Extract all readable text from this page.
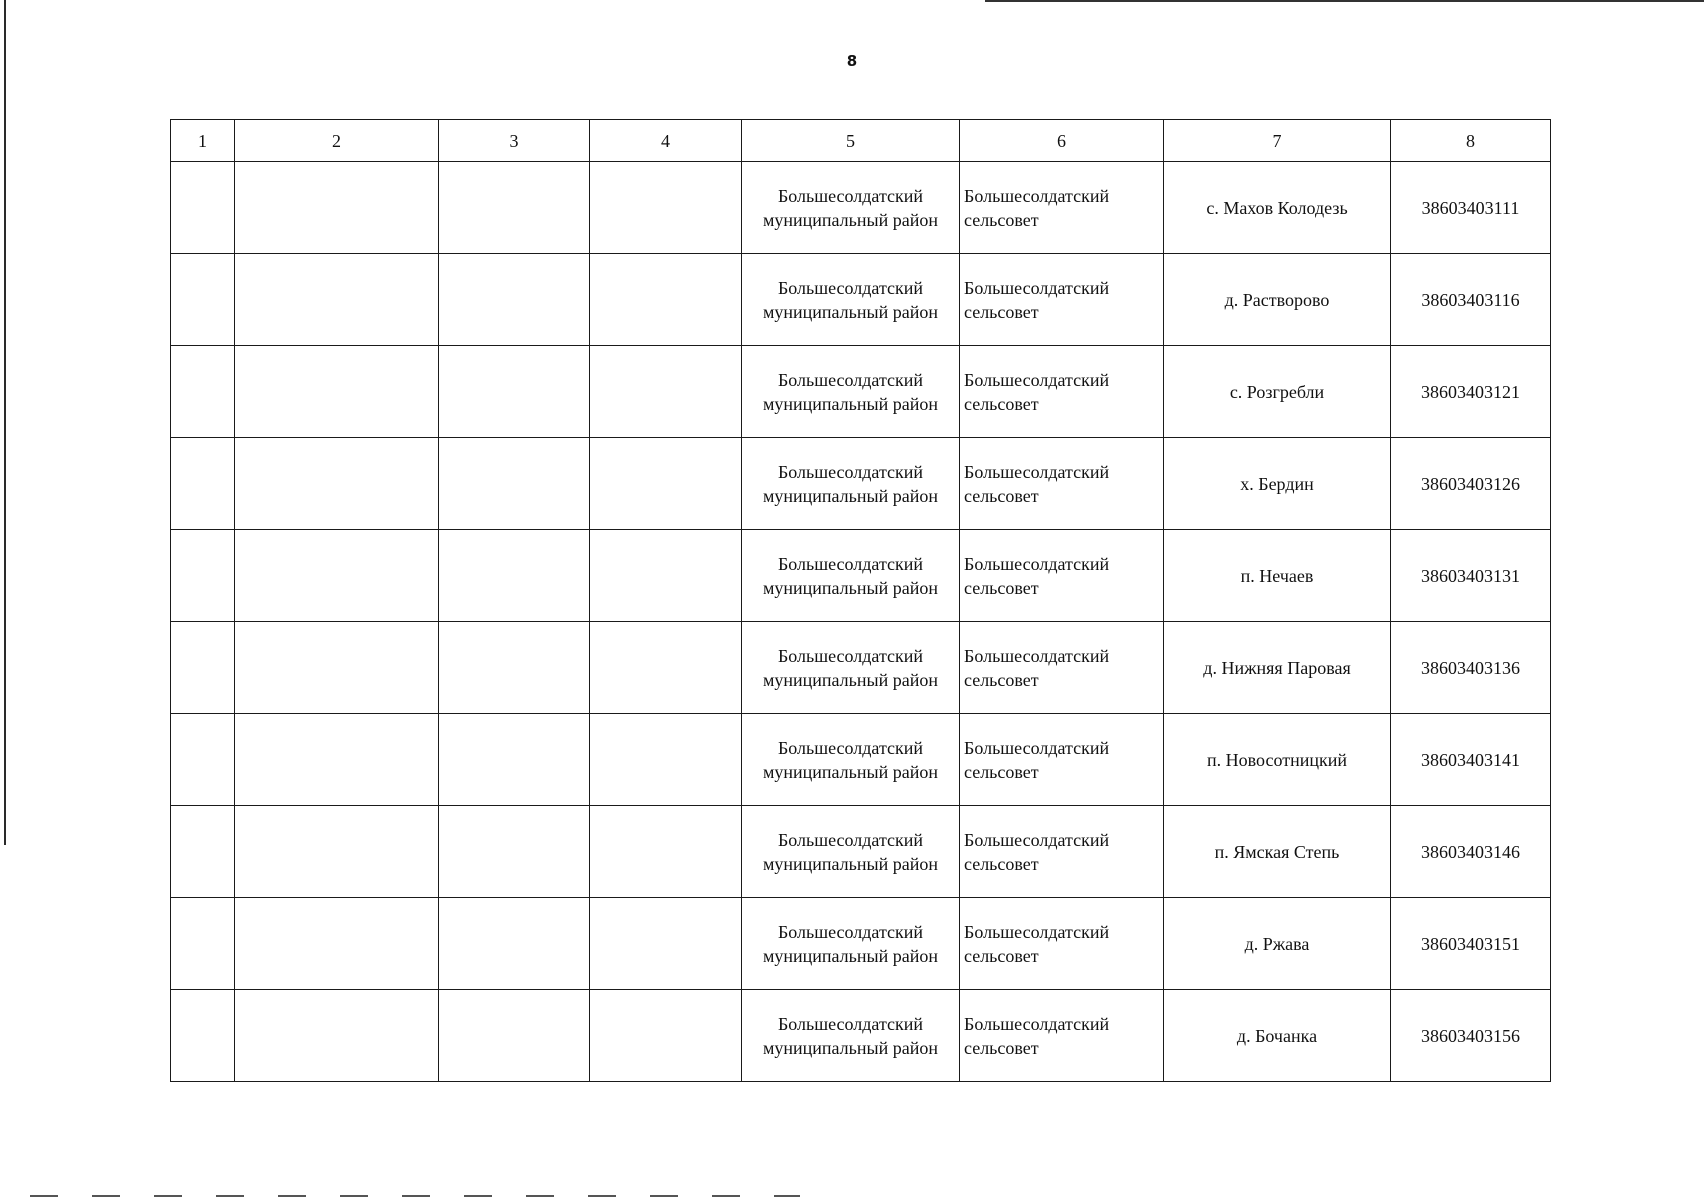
8
1	2	3	4	5	6	7	8

				Большесолдатский
муниципальный район	Большесолдатский
сельсовет	с. Махов Колодезь	38603403111

				Большесолдатский
муниципальный район	Большесолдатский
сельсовет	д. Растворово	38603403116

				Большесолдатский
муниципальный район	Большесолдатский
сельсовет	с. Розгребли	38603403121

				Большесолдатский
муниципальный район	Большесолдатский
сельсовет	х. Бердин	38603403126

				Большесолдатский
муниципальный район	Большесолдатский
сельсовет	п. Нечаев	38603403131

				Большесолдатский
муниципальный район	Большесолдатский
сельсовет	д. Нижняя Паровая	38603403136

				Большесолдатский
муниципальный район	Большесолдатский
сельсовет	п. Новосотницкий	38603403141

				Большесолдатский
муниципальный район	Большесолдатский
сельсовет	п. Ямская Степь	38603403146

				Большесолдатский
муниципальный район	Большесолдатский
сельсовет	д. Ржава	38603403151

				Большесолдатский
муниципальный район	Большесолдатский
сельсовет	д. Бочанка	38603403156
